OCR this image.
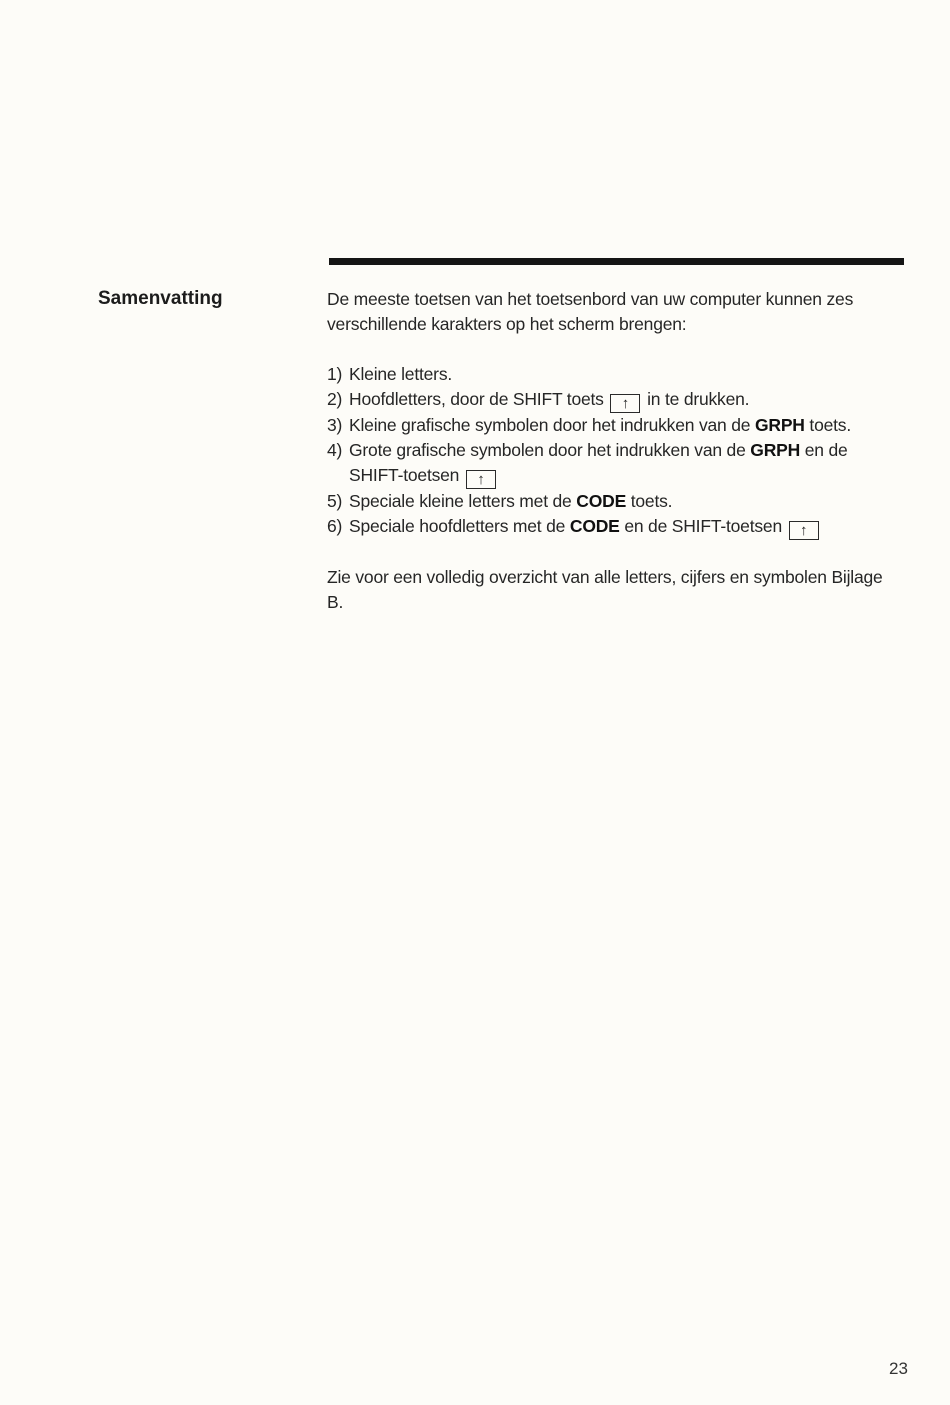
Samenvatting	De meeste toetsen van het toetsenbord van uw computer kunnen zes verschillende karakters op het scherm brengen:

1) Kleine letters.
2) Hoofdletters, door de SHIFT toets ↑ in te drukken.
3) Kleine grafische symbolen door het indrukken van de GRPH toets.
4) Grote grafische symbolen door het indrukken van de GRPH en de SHIFT-toetsen ↑
5) Speciale kleine letters met de CODE toets.
6) Speciale hoofdletters met de CODE en de SHIFT-toetsen ↑

Zie voor een volledig overzicht van alle letters, cijfers en symbolen Bijlage B.

23
